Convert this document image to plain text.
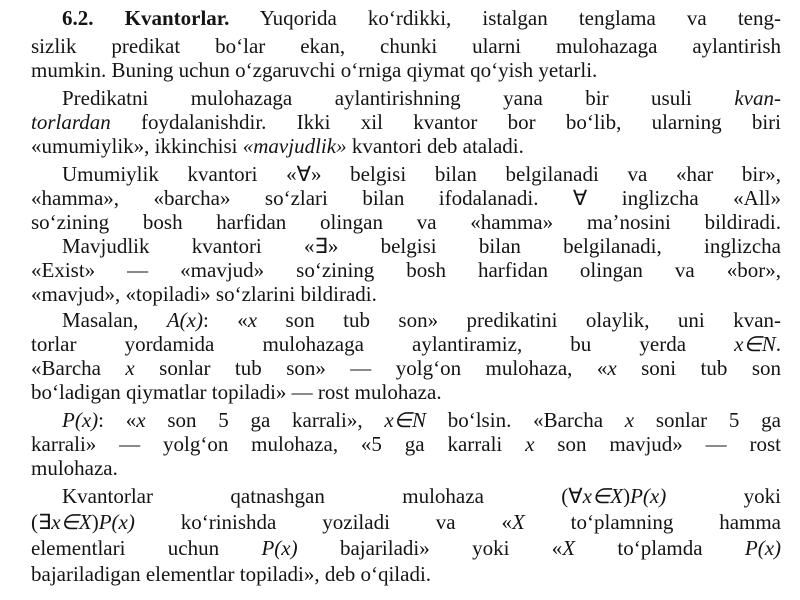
6.2. Kvantorlar. Yuqorida ko‘rdikki, istalgan tenglama va teng-
sizlik predikat bo‘lar ekan, chunki ularni mulohazaga aylantirish
mumkin. Buning uchun o‘zgaruvchi o‘rniga qiymat qo‘yish yetarli.
Predikatni mulohazaga aylantirishning yana bir usuli kvan-
torlardan foydalanishdir. Ikki xil kvantor bor bo‘lib, ularning biri
«umumiylik», ikkinchisi «mavjudlik» kvantori deb ataladi.
Umumiylik kvantori «∀» belgisi bilan belgilanadi va «har bir»,
«hamma», «barcha» so‘zlari bilan ifodalanadi. ∀ inglizcha «All»
so‘zining bosh harfidan olingan va «hamma» ma’nosini bildiradi.
Mavjudlik kvantori «∃» belgisi bilan belgilanadi, inglizcha
«Exist» — «mavjud» so‘zining bosh harfidan olingan va «bor»,
«mavjud», «topiladi» so‘zlarini bildiradi.
Masalan, A(x): «x son tub son» predikatini olaylik, uni kvan-
torlar yordamida mulohazaga aylantiramiz, bu yerda x∈N.
«Barcha x sonlar tub son» — yolg‘on mulohaza, «x soni tub son
bo‘ladigan qiymatlar topiladi» — rost mulohaza.
P(x): «x son 5 ga karrali», x∈N bo‘lsin. «Barcha x sonlar 5 ga
karrali» — yolg‘on mulohaza, «5 ga karrali x son mavjud» — rost
mulohaza.
Kvantorlar qatnashgan mulohaza (∀x∈X)P(x)	yoki
(∃x∈X)P(x) ko‘rinishda yoziladi va «X to‘plamning hamma
elementlari uchun P(x) bajariladi» yoki «X to‘plamda P(x)
bajariladigan elementlar topiladi», deb o‘qiladi.
